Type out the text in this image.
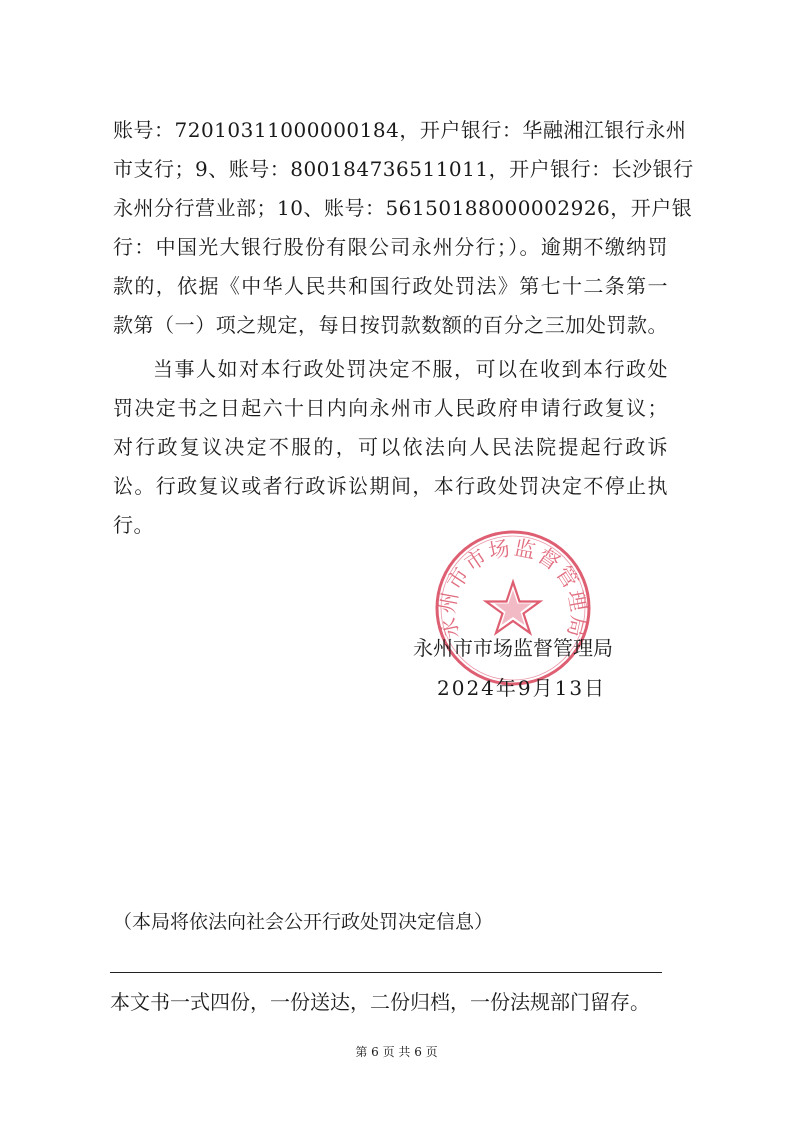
账号：72010311000000184，开户银行：华融湘江银行永州
市支行；9、账号：800184736511011，开户银行：长沙银行
永州分行营业部；10、账号：56150188000002926，开户银
行：中国光大银行股份有限公司永州分行；）。逾期不缴纳罚
款的，依据《中华人民共和国行政处罚法》第七十二条第一
款第（一）项之规定，每日按罚款数额的百分之三加处罚款。
当事人如对本行政处罚决定不服，可以在收到本行政处
罚决定书之日起六十日内向永州市人民政府申请行政复议；
对行政复议决定不服的，可以依法向人民法院提起行政诉
讼。行政复议或者行政诉讼期间，本行政处罚决定不停止执
行。
永州市市场监督管理局
永州市市场监督管理局
2024年9月13日
（本局将依法向社会公开行政处罚决定信息）
本文书一式四份，一份送达，二份归档，一份法规部门留存。
第 6 页 共 6 页
